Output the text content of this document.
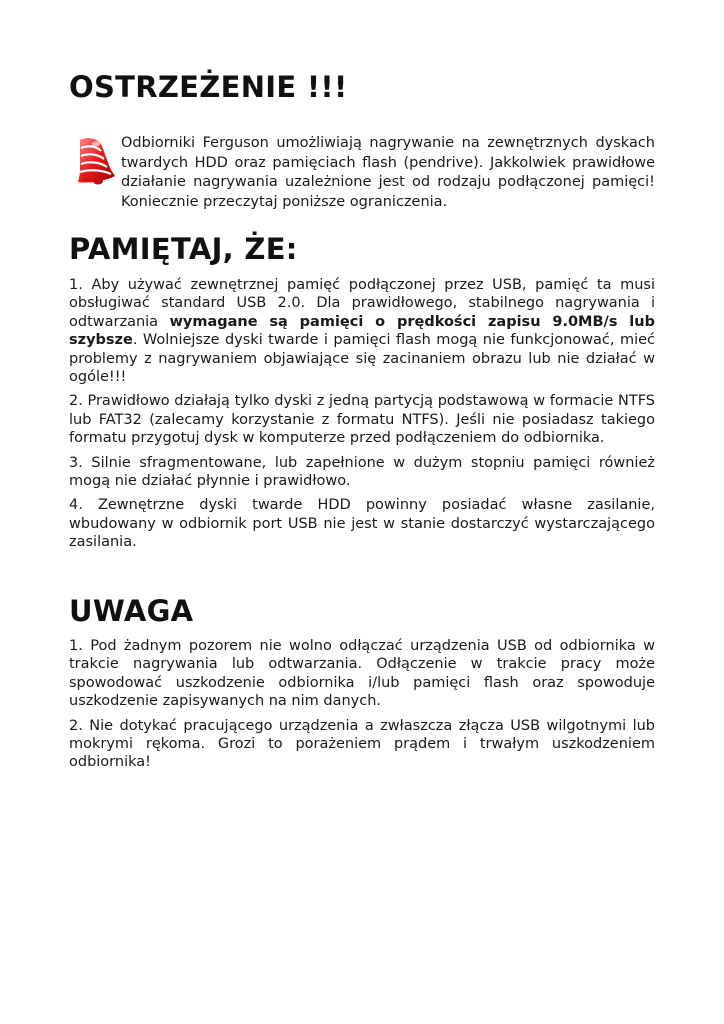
OSTRZEŻENIE !!!

Odbiorniki Ferguson umożliwiają nagrywanie na zewnętrznych dyskach twardych HDD oraz pamięciach flash (pendrive). Jakkolwiek prawidłowe działanie nagrywania uzależnione jest od rodzaju podłączonej pamięci! Koniecznie przeczytaj poniższe ograniczenia.

PAMIĘTAJ, ŻE:

1. Aby używać zewnętrznej pamięć podłączonej przez USB, pamięć ta musi obsługiwać standard USB 2.0. Dla prawidłowego, stabilnego nagrywania i odtwarzania wymagane są pamięci o prędkości zapisu 9.0MB/s lub szybsze. Wolniejsze dyski twarde i pamięci flash mogą nie funkcjonować, mieć problemy z nagrywaniem objawiające się zacinaniem obrazu lub nie działać w ogóle!!!

2. Prawidłowo działają tylko dyski z jedną partycją podstawową w formacie NTFS lub FAT32 (zalecamy korzystanie z formatu NTFS). Jeśli nie posiadasz takiego formatu przygotuj dysk w komputerze przed podłączeniem do odbiornika.

3. Silnie sfragmentowane, lub zapełnione w dużym stopniu pamięci również mogą nie działać płynnie i prawidłowo.

4. Zewnętrzne dyski twarde HDD powinny posiadać własne zasilanie, wbudowany w odbiornik port USB nie jest w stanie dostarczyć wystarczającego zasilania.

UWAGA

1. Pod żadnym pozorem nie wolno odłączać urządzenia USB od odbiornika w trakcie nagrywania lub odtwarzania. Odłączenie w trakcie pracy może spowodować uszkodzenie odbiornika i/lub pamięci flash oraz spowoduje uszkodzenie zapisywanych na nim danych.

2. Nie dotykać pracującego urządzenia a zwłaszcza złącza USB wilgotnymi lub mokrymi rękoma. Grozi to porażeniem prądem i trwałym uszkodzeniem odbiornika!
